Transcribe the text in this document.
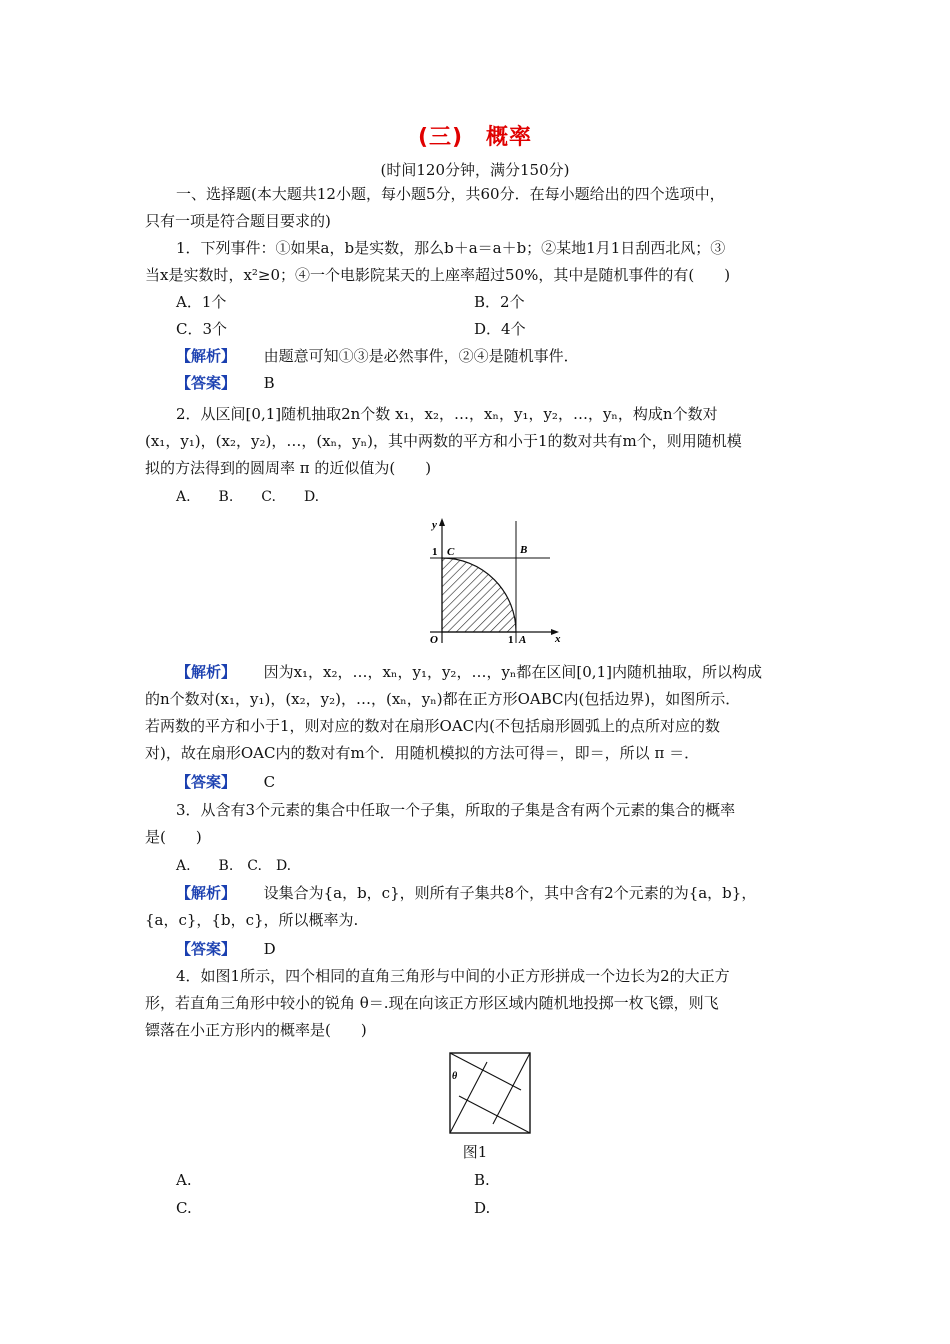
(三)　概率
(时间120分钟，满分150分)
一、选择题(本大题共12小题，每小题5分，共60分．在每小题给出的四个选项中，
只有一项是符合题目要求的)
1．下列事件：①如果a，b是实数，那么b＋a＝a＋b；②某地1月1日刮西北风；③
当x是实数时，x²≥0；④一个电影院某天的上座率超过50%，其中是随机事件的有(　　)
A．1个	B．2个
C．3个	D．4个
【解析】 由题意可知①③是必然事件，②④是随机事件．
【答案】 B
2．从区间[0,1]随机抽取2n个数 x₁，x₂，…，xₙ，y₁，y₂，…，yₙ，构成n个数对
(x₁，y₁)，(x₂，y₂)，…，(xₙ，yₙ)，其中两数的平方和小于1的数对共有m个，则用随机模
拟的方法得到的圆周率 π 的近似值为(　　)
A.　　B.　　C.　　D.
y
x
1 C	B
O	1 A
【解析】 因为x₁，x₂，…，xₙ，y₁，y₂，…，yₙ都在区间[0,1]内随机抽取，所以构成
的n个数对(x₁，y₁)，(x₂，y₂)，…，(xₙ，yₙ)都在正方形OABC内(包括边界)，如图所示．
若两数的平方和小于1，则对应的数对在扇形OAC内(不包括扇形圆弧上的点所对应的数
对)，故在扇形OAC内的数对有m个．用随机模拟的方法可得＝，即＝，所以 π ＝．
【答案】 C
3．从含有3个元素的集合中任取一个子集，所取的子集是含有两个元素的集合的概率
是(　　)
A.　　B.　C.　D.
【解析】 设集合为{a，b，c}，则所有子集共8个，其中含有2个元素的为{a，b}，
{a，c}，{b，c}，所以概率为.
【答案】 D
4．如图1所示，四个相同的直角三角形与中间的小正方形拼成一个边长为2的大正方
形，若直角三角形中较小的锐角 θ＝.现在向该正方形区域内随机地投掷一枚飞镖，则飞
镖落在小正方形内的概率是(　　)
θ
图1
A.	B.
C.	D.
